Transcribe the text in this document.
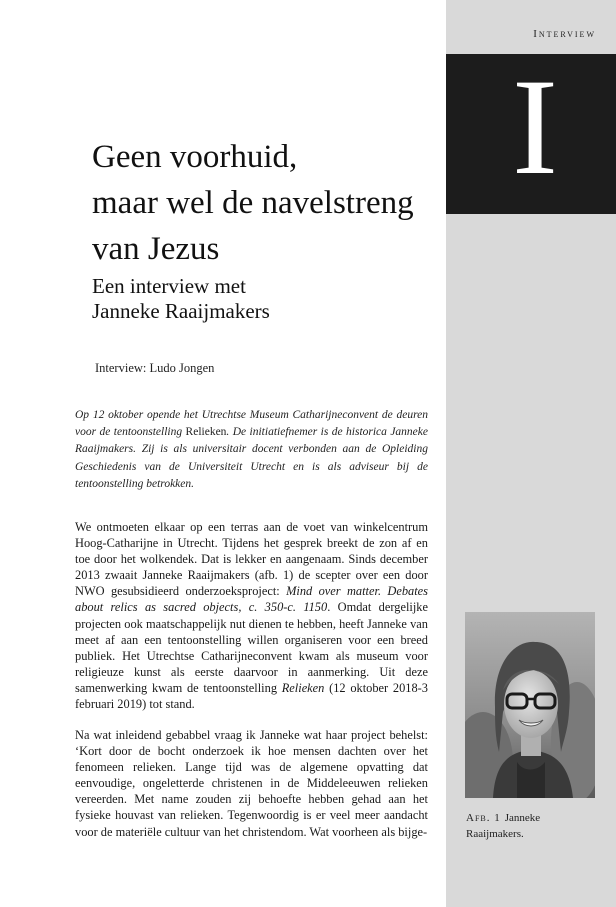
Interview
I
Geen voorhuid,
maar wel de navelstreng
van Jezus
Een interview met
Janneke Raaijmakers
Interview: Ludo Jongen

Op 12 oktober opende het Utrechtse Museum Catharijneconvent de deuren voor de tentoonstelling Relieken. De initiatiefnemer is de historica Janneke Raaijmakers. Zij is als universitair docent verbonden aan de Opleiding Geschiedenis van de Universiteit Utrecht en is als adviseur bij de tentoonstelling betrokken.

We ontmoeten elkaar op een terras aan de voet van winkelcentrum Hoog-Catharijne in Utrecht. Tijdens het gesprek breekt de zon af en toe door het wolkendek. Dat is lekker en aangenaam. Sinds december 2013 zwaait Janneke Raaijmakers (afb. 1) de scepter over een door NWO gesubsidieerd onderzoeksproject: Mind over matter. Debates about relics as sacred objects, c. 350-c. 1150. Omdat dergelijke projecten ook maatschappelijk nut dienen te hebben, heeft Janneke van meet af aan een tentoonstelling willen organiseren voor een breed publiek. Het Utrechtse Catharijneconvent kwam als museum voor religieuze kunst als eerste daarvoor in aanmerking. Uit deze samenwerking kwam de tentoonstelling Relieken (12 oktober 2018-3 februari 2019) tot stand.

Na wat inleidend gebabbel vraag ik Janneke wat haar project behelst: ‘Kort door de bocht onderzoek ik hoe mensen dachten over het fenomeen relieken. Lange tijd was de algemene opvatting dat eenvoudige, ongeletterde christenen in de Middeleeuwen relieken vereerden. Met name zouden zij behoefte hebben gehad aan het fysieke houvast van relieken. Tegenwoordig is er veel meer aandacht voor de materiële cultuur van het christendom. Wat voorheen als bijge-

Afb. 1 Janneke Raaijmakers.
